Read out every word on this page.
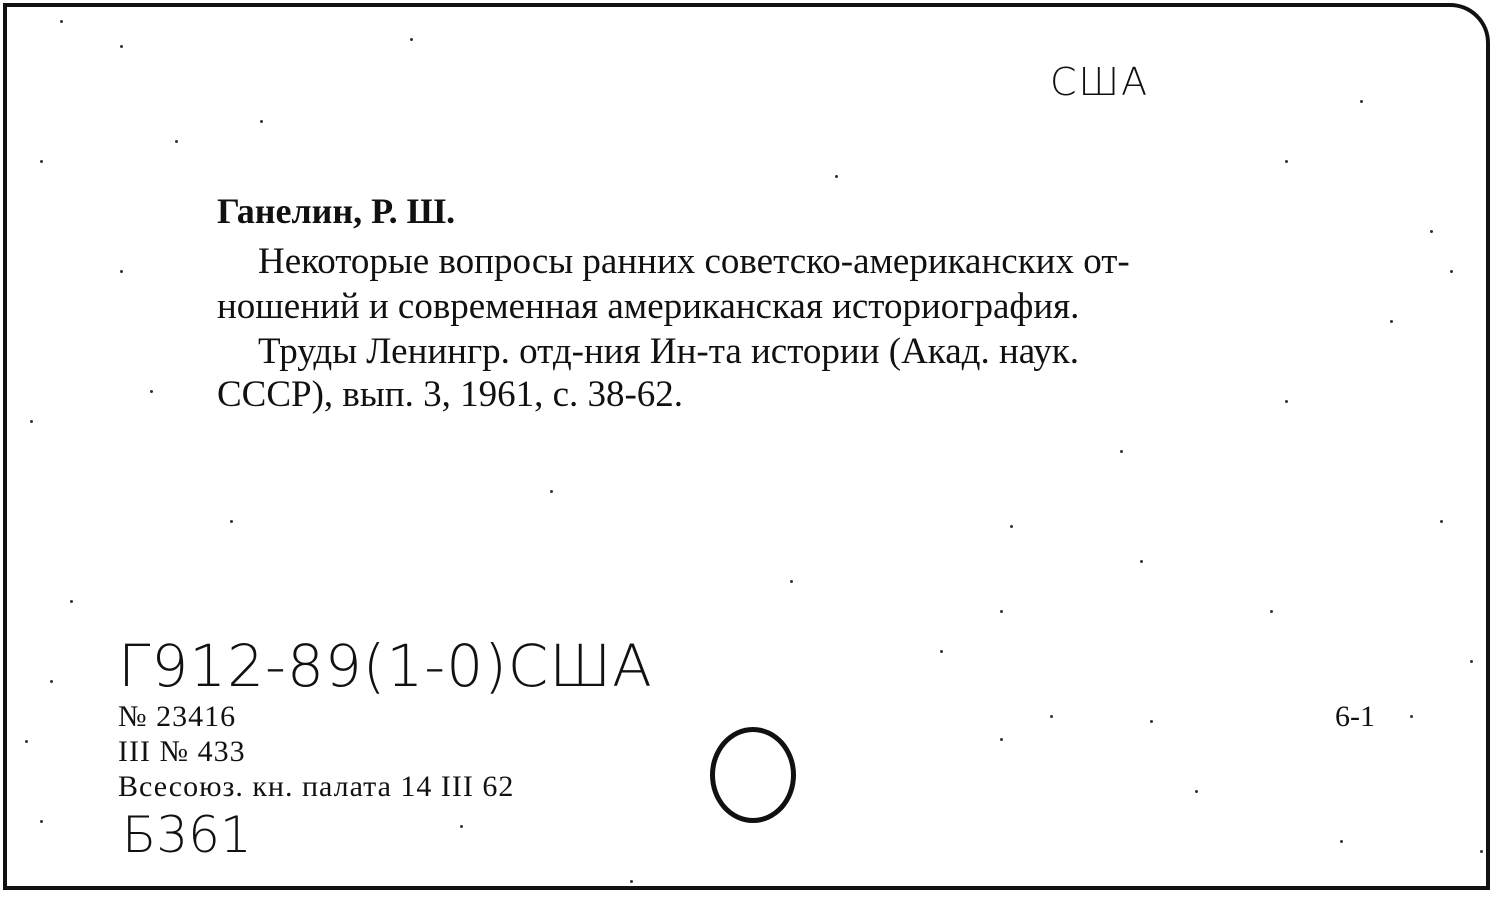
США
Ганелин, Р. Ш.
Некоторые вопросы ранних советско-американских от-
ношений и современная американская историография.
Труды Ленингр. отд-ния Ин-та истории (Акад. наук.
СССР), вып. 3, 1961, с. 38-62.
Г912-89(1-0)США
№ 23416
III № 433
Всесоюз. кн. палата 14 III 62
Б361
6-1
